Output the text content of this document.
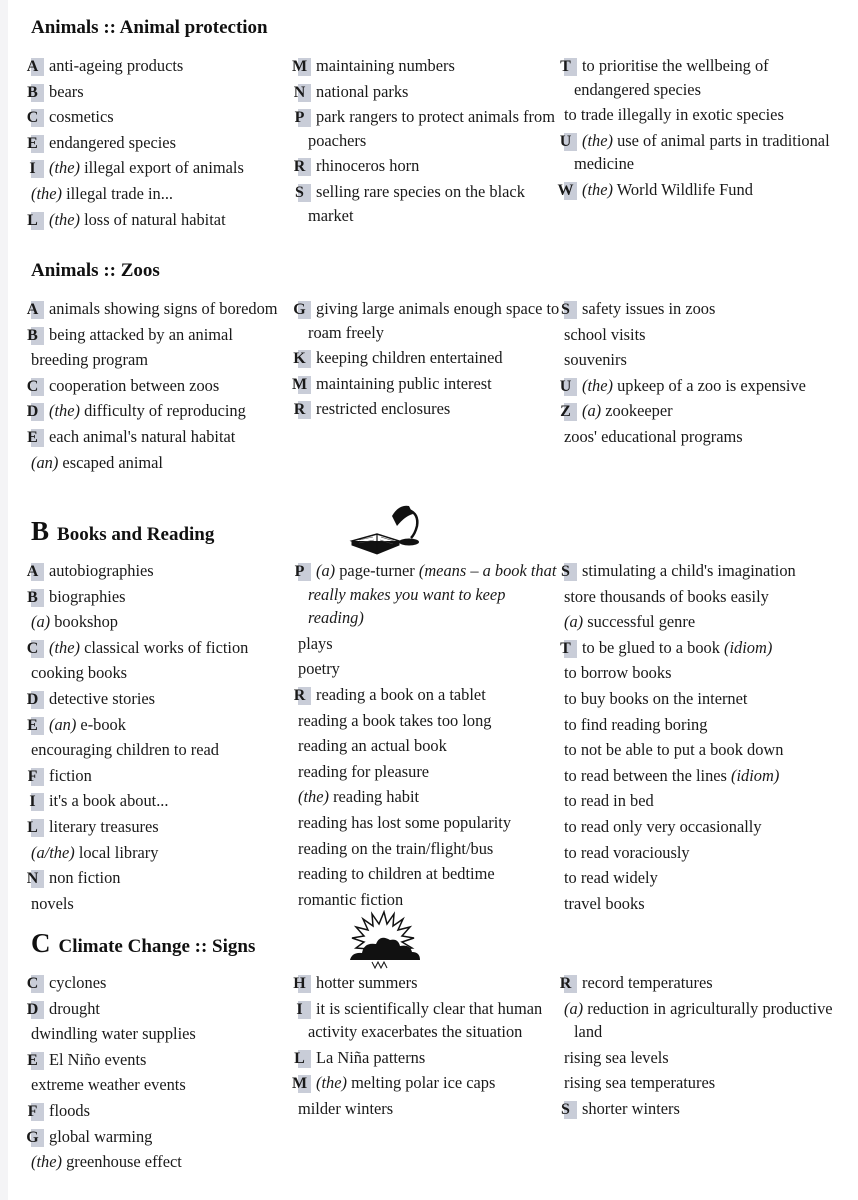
Animals :: Animal protection
A anti-ageing products
B bears
C cosmetics
E endangered species
I (the) illegal export of animals
(the) illegal trade in...
L (the) loss of natural habitat
M maintaining numbers
N national parks
P park rangers to protect animals from poachers
R rhinoceros horn
S selling rare species on the black market
T to prioritise the wellbeing of endangered species
to trade illegally in exotic species
U (the) use of animal parts in traditional medicine
W (the) World Wildlife Fund
Animals :: Zoos
A animals showing signs of boredom
B being attacked by an animal
breeding program
C cooperation between zoos
D (the) difficulty of reproducing
E each animal's natural habitat
(an) escaped animal
G giving large animals enough space to roam freely
K keeping children entertained
M maintaining public interest
R restricted enclosures
S safety issues in zoos
school visits
souvenirs
U (the) upkeep of a zoo is expensive
Z (a) zookeeper
zoos' educational programs
B Books and Reading
A autobiographies
B biographies
(a) bookshop
C (the) classical works of fiction
cooking books
D detective stories
E (an) e-book
encouraging children to read
F fiction
I it's a book about...
L literary treasures
(a/the) local library
N non fiction
novels
P (a) page-turner (means – a book that really makes you want to keep reading)
plays
poetry
R reading a book on a tablet
reading a book takes too long
reading an actual book
reading for pleasure
(the) reading habit
reading has lost some popularity
reading on the train/flight/bus
reading to children at bedtime
romantic fiction
S stimulating a child's imagination
store thousands of books easily
(a) successful genre
T to be glued to a book (idiom)
to borrow books
to buy books on the internet
to find reading boring
to not be able to put a book down
to read between the lines (idiom)
to read in bed
to read only very occasionally
to read voraciously
to read widely
travel books
C Climate Change :: Signs
C cyclones
D drought
dwindling water supplies
E El Niño events
extreme weather events
F floods
G global warming
(the) greenhouse effect
H hotter summers
I it is scientifically clear that human activity exacerbates the situation
L La Niña patterns
M (the) melting polar ice caps
milder winters
R record temperatures
(a) reduction in agriculturally productive land
rising sea levels
rising sea temperatures
S shorter winters
